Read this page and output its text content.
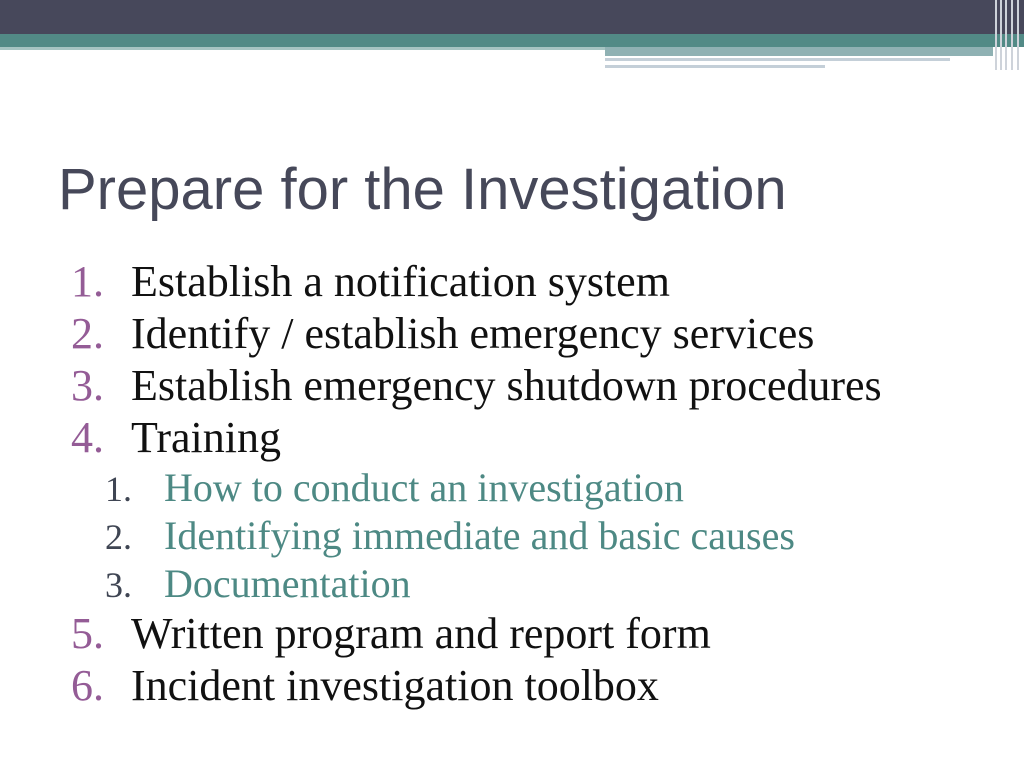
Prepare for the Investigation
1. Establish a notification system
2. Identify / establish emergency services
3. Establish emergency shutdown procedures
4. Training
1. How to conduct an investigation
2. Identifying immediate and basic causes
3. Documentation
5. Written program and report form
6. Incident investigation toolbox
